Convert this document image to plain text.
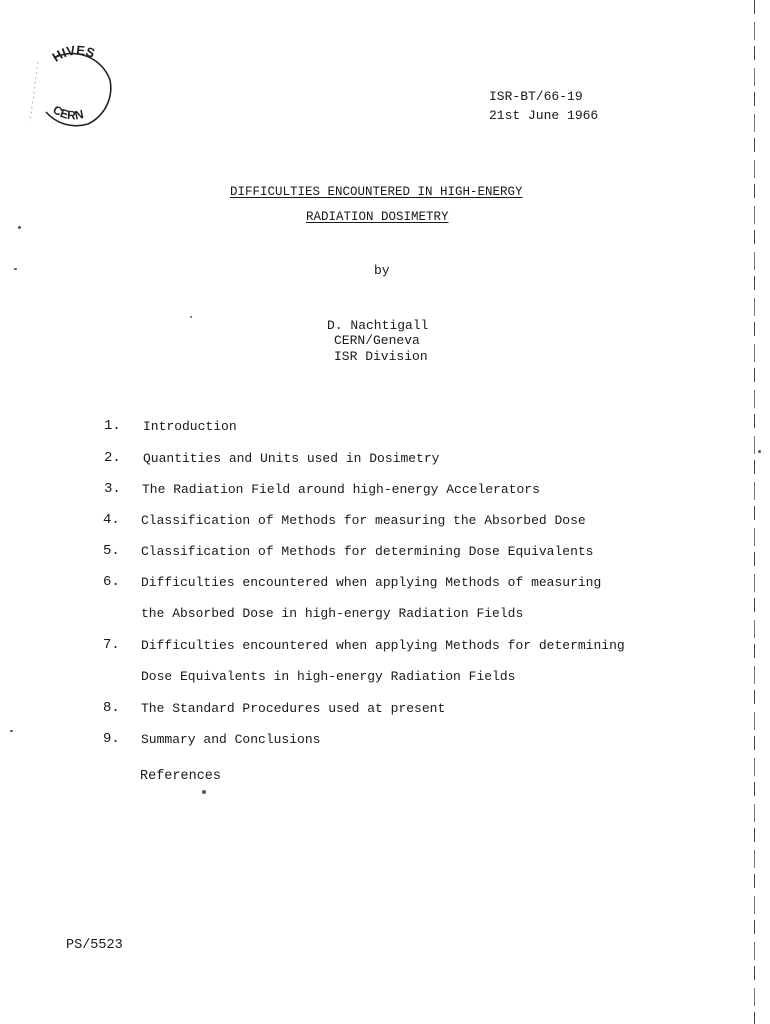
HIVES
CERN
ISR-BT/66-19
21st June 1966
DIFFICULTIES ENCOUNTERED IN HIGH-ENERGY
RADIATION DOSIMETRY
by
D. Nachtigall
CERN/Geneva
ISR Division
1. Introduction
2. Quantities and Units used in Dosimetry
3. The Radiation Field around high-energy Accelerators
4. Classification of Methods for measuring the Absorbed Dose
5. Classification of Methods for determining Dose Equivalents
6. Difficulties encountered when applying Methods of measuring
the Absorbed Dose in high-energy Radiation Fields
7. Difficulties encountered when applying Methods for determining
Dose Equivalents in high-energy Radiation Fields
8. The Standard Procedures used at present
9. Summary and Conclusions
References
PS/5523
